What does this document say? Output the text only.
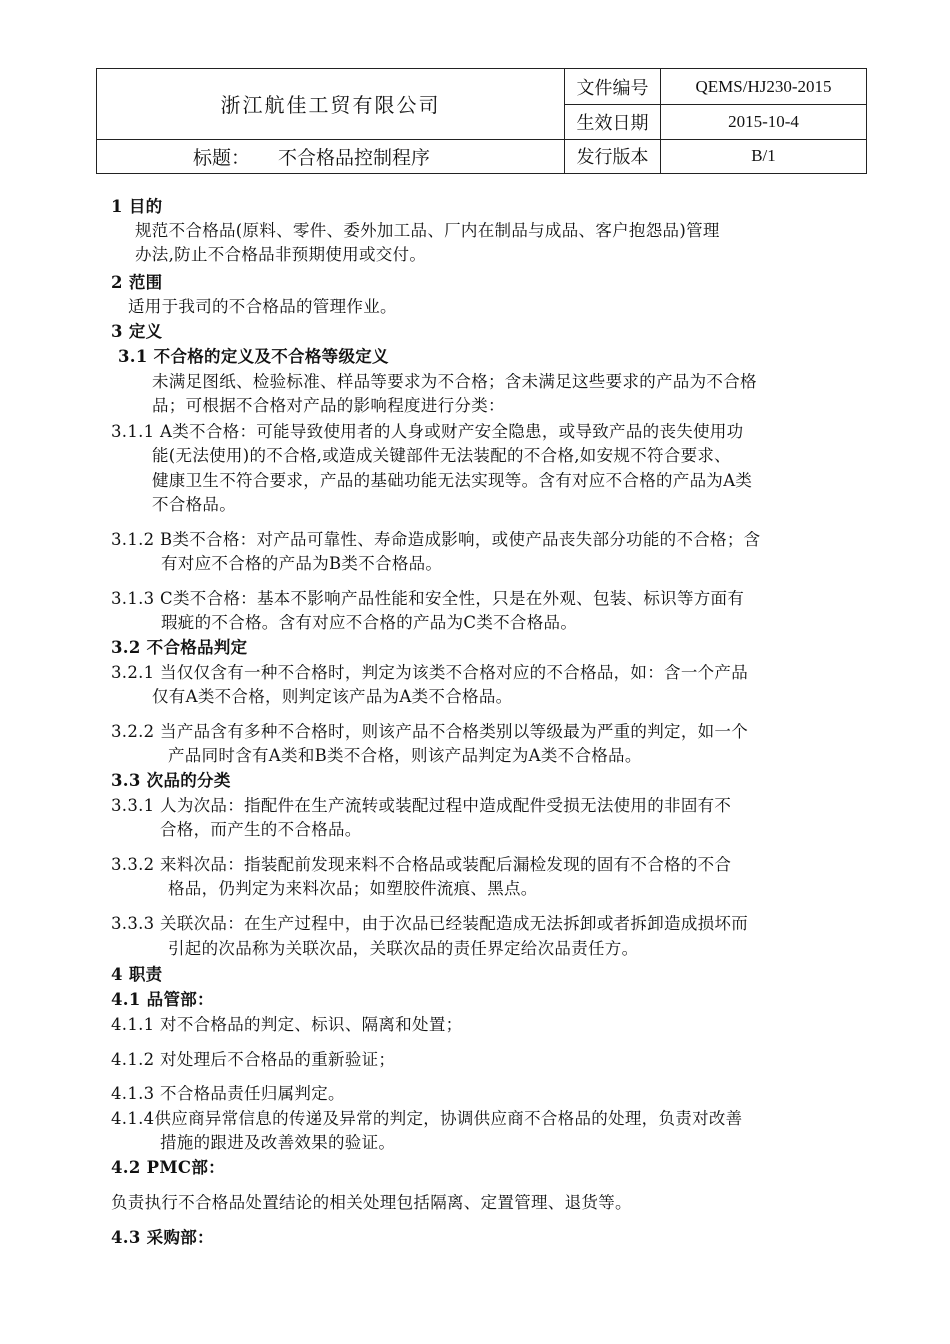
浙江航佳工贸有限公司	文件编号	QEMS/HJ230-2015
	生效日期	2015-10-4
标题： 不合格品控制程序	发行版本	B/1
1 目的
规范不合格品(原料、零件、委外加工品、厂内在制品与成品、客户抱怨品)管理
办法,防止不合格品非预期使用或交付。
2 范围
适用于我司的不合格品的管理作业。
3 定义
3.1 不合格的定义及不合格等级定义
未满足图纸、检验标准、样品等要求为不合格；含未满足这些要求的产品为不合格
品；可根据不合格对产品的影响程度进行分类：
3.1.1 A类不合格：可能导致使用者的人身或财产安全隐患，或导致产品的丧失使用功
能(无法使用)的不合格,或造成关键部件无法装配的不合格,如安规不符合要求、
健康卫生不符合要求，产品的基础功能无法实现等。含有对应不合格的产品为A类
不合格品。
3.1.2 B类不合格：对产品可靠性、寿命造成影响，或使产品丧失部分功能的不合格；含
有对应不合格的产品为B类不合格品。
3.1.3 C类不合格：基本不影响产品性能和安全性，只是在外观、包装、标识等方面有
瑕疵的不合格。含有对应不合格的产品为C类不合格品。
3.2 不合格品判定
3.2.1 当仅仅含有一种不合格时，判定为该类不合格对应的不合格品，如：含一个产品
仅有A类不合格，则判定该产品为A类不合格品。
3.2.2 当产品含有多种不合格时，则该产品不合格类别以等级最为严重的判定，如一个
产品同时含有A类和B类不合格，则该产品判定为A类不合格品。
3.3 次品的分类
3.3.1 人为次品：指配件在生产流转或装配过程中造成配件受损无法使用的非固有不
合格，而产生的不合格品。
3.3.2 来料次品：指装配前发现来料不合格品或装配后漏检发现的固有不合格的不合
格品，仍判定为来料次品；如塑胶件流痕、黑点。
3.3.3 关联次品：在生产过程中，由于次品已经装配造成无法拆卸或者拆卸造成损坏而
引起的次品称为关联次品，关联次品的责任界定给次品责任方。
4 职责
4.1 品管部：
4.1.1 对不合格品的判定、标识、隔离和处置；
4.1.2 对处理后不合格品的重新验证；
4.1.3 不合格品责任归属判定。
4.1.4供应商异常信息的传递及异常的判定，协调供应商不合格品的处理，负责对改善
措施的跟进及改善效果的验证。
4.2 PMC部：
负责执行不合格品处置结论的相关处理包括隔离、定置管理、退货等。
4.3 采购部：
